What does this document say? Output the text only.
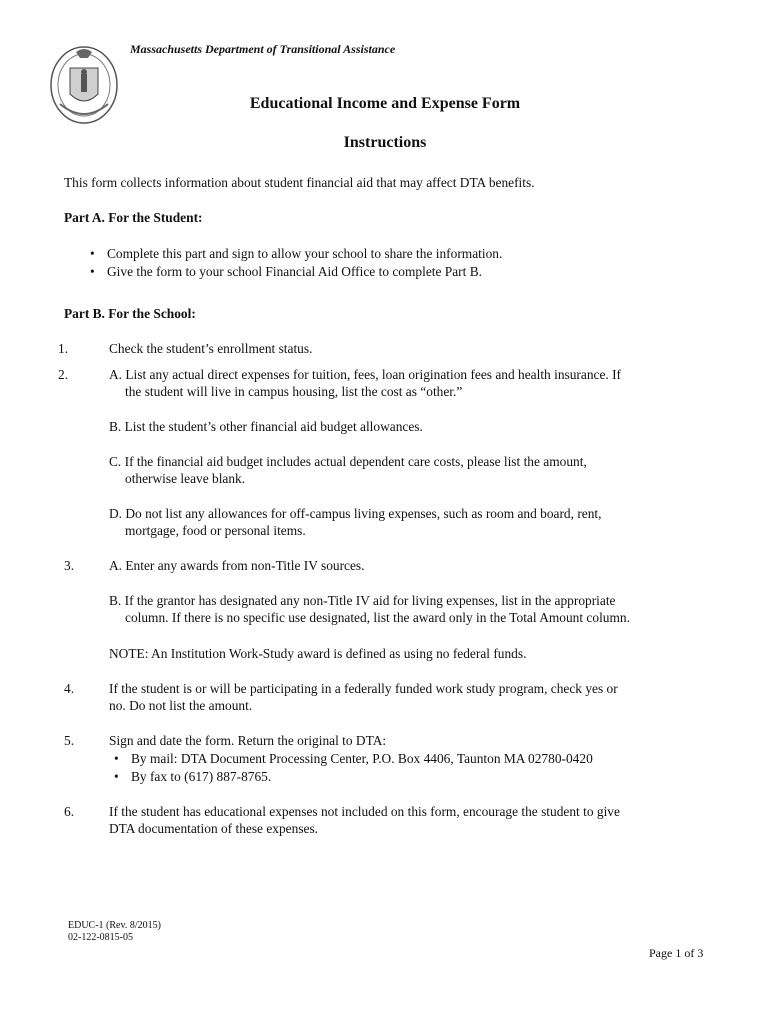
Massachusetts Department of Transitional Assistance
Educational Income and Expense Form
Instructions
This form collects information about student financial aid that may affect DTA benefits.
Part A. For the Student:
• Complete this part and sign to allow your school to share the information.
• Give the form to your school Financial Aid Office to complete Part B.
Part B. For the School:
1.	Check the student’s enrollment status.
2.	A. List any actual direct expenses for tuition, fees, loan origination fees and health insurance. If
the student will live in campus housing, list the cost as “other.”
B. List the student’s other financial aid budget allowances.
C. If the financial aid budget includes actual dependent care costs, please list the amount,
otherwise leave blank.
D. Do not list any allowances for off-campus living expenses, such as room and board, rent,
mortgage, food or personal items.
3.	A. Enter any awards from non-Title IV sources.
B. If the grantor has designated any non-Title IV aid for living expenses, list in the appropriate
column. If there is no specific use designated, list the award only in the Total Amount column.
NOTE: An Institution Work-Study award is defined as using no federal funds.
4.	If the student is or will be participating in a federally funded work study program, check yes or
no. Do not list the amount.
5.	Sign and date the form. Return the original to DTA:
• By mail: DTA Document Processing Center, P.O. Box 4406, Taunton MA 02780-0420
• By fax to (617) 887-8765.
6.	If the student has educational expenses not included on this form, encourage the student to give
DTA documentation of these expenses.
EDUC-1 (Rev. 8/2015)
02-122-0815-05
Page 1 of 3
